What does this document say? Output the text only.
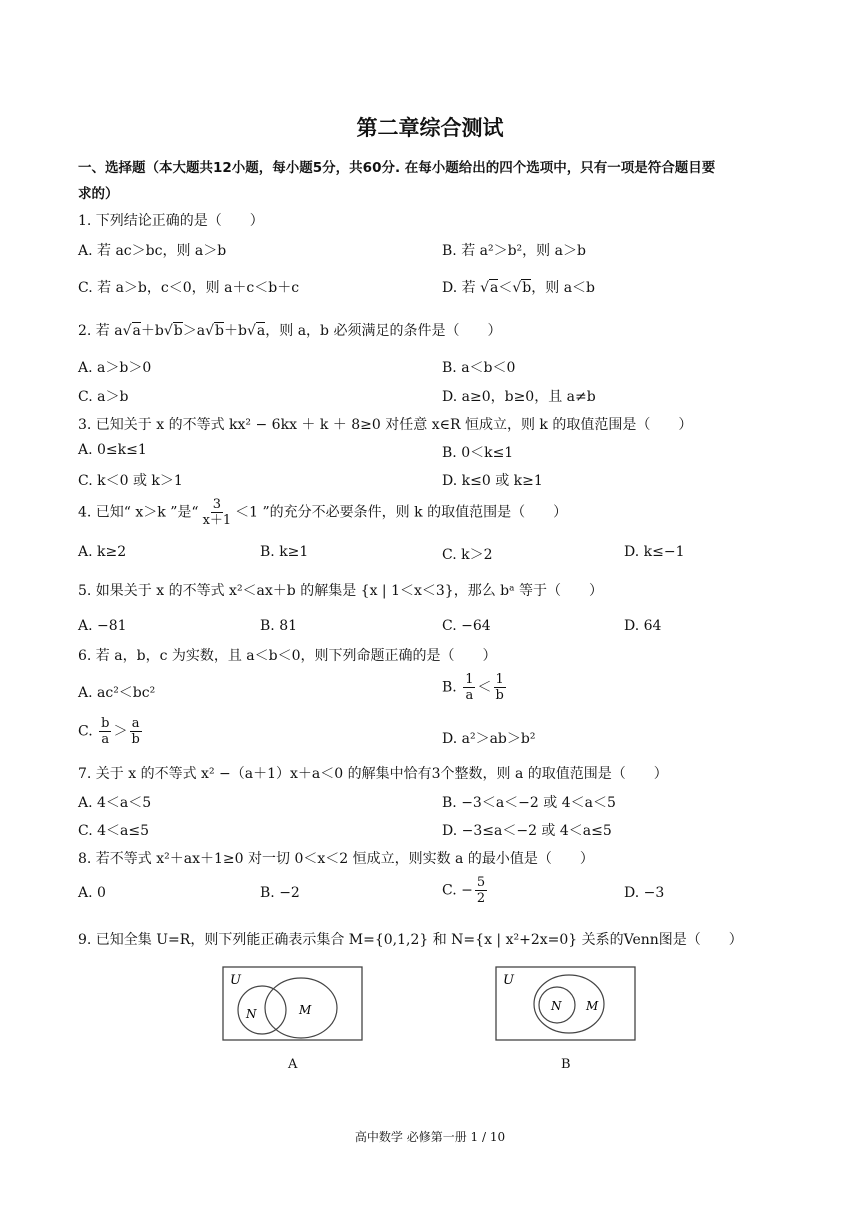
第二章综合测试
一、选择题（本大题共12小题，每小题5分，共60分. 在每小题给出的四个选项中，只有一项是符合题目要
求的）
1. 下列结论正确的是（　　）
A. 若 ac＞bc，则 a＞b	B. 若 a²＞b²，则 a＞b
C. 若 a＞b，c＜0，则 a＋c＜b＋c	D. 若 √a＜√b，则 a＜b
2. 若 a√a＋b√b＞a√b＋b√a，则 a，b 必须满足的条件是（　　）
A. a＞b＞0	B. a＜b＜0
C. a＞b	D. a≥0，b≥0，且 a≠b
3. 已知关于 x 的不等式 kx² − 6kx ＋ k ＋ 8≥0 对任意 x∈R 恒成立，则 k 的取值范围是（　　）
A. 0≤k≤1	B. 0＜k≤1
C. k＜0 或 k＞1	D. k≤0 或 k≥1
4. 已知“ x＞k ”是“ $\frac{3}{x+1} <1$ ”的充分不必要条件，则 k 的取值范围是（　　）
A. k≥2	B. k≥1	C. k＞2	D. k≤−1
5. 如果关于 x 的不等式 x²＜ax＋b 的解集是 {x | 1＜x＜3}，那么 bᵃ 等于（　　）
A. −81	B. 81	C. −64	D. 64
6. 若 a，b，c 为实数，且 a＜b＜0，则下列命题正确的是（　　）
A. ac²＜bc²	B. $\frac{1}{a} < \frac{1}{b}$
C. $\frac{b}{a} > \frac{a}{b}$	D. a²＞ab＞b²
7. 关于 x 的不等式 x² −（a＋1）x＋a＜0 的解集中恰有3个整数，则 a 的取值范围是（　　）
A. 4＜a＜5	B. −3＜a＜−2 或 4＜a＜5
C. 4＜a≤5	D. −3≤a＜−2 或 4＜a≤5
8. 若不等式 x²＋ax＋1≥0 对一切 0＜x＜2 恒成立，则实数 a 的最小值是（　　）
A. 0	B. −2	C. − $\frac{5}{2}$	D. −3
9. 已知全集 U=R，则下列能正确表示集合 M={0,1,2} 和 N={x | x²+2x=0} 关系的Venn图是（　　）
U
N	M
A
U
N M
B
高中数学 必修第一册 1 / 10
